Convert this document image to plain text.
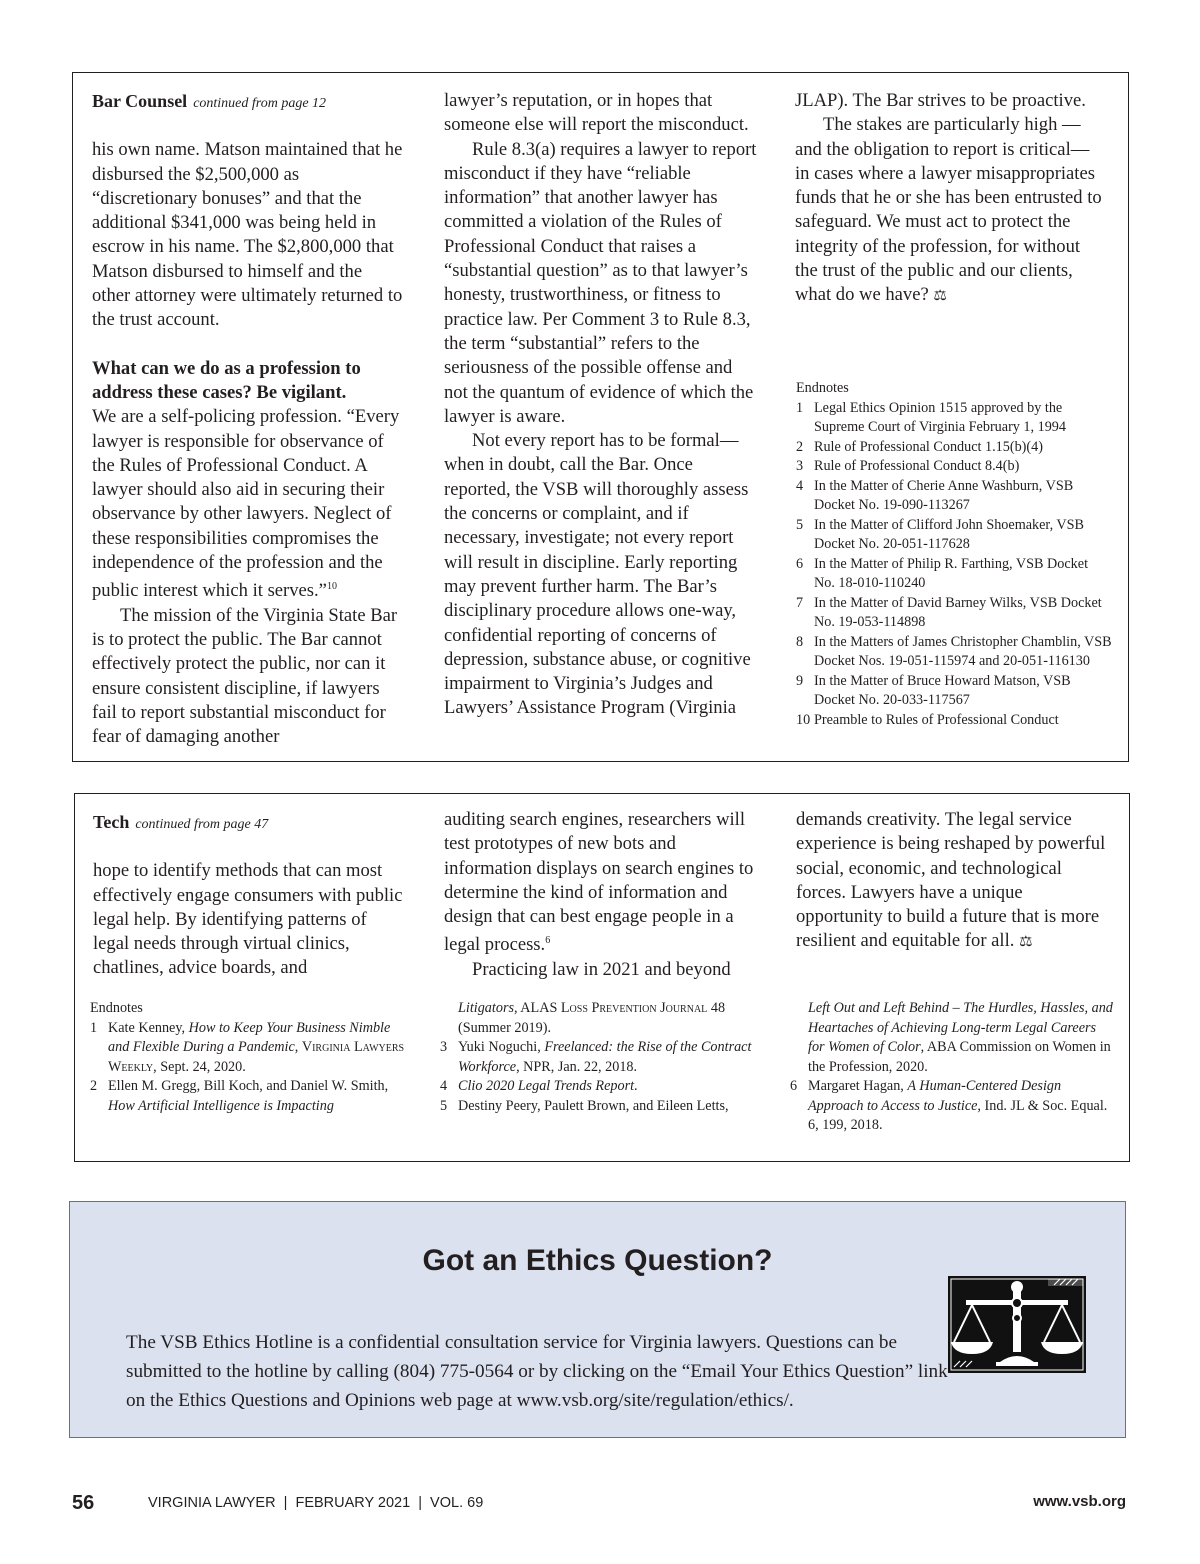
Bar Counsel continued from page 12

his own name. Matson maintained that he disbursed the $2,500,000 as “discretionary bonuses” and that the additional $341,000 was being held in escrow in his name. The $2,800,000 that Matson disbursed to himself and the other attorney were ultimately returned to the trust account.

What can we do as a profession to address these cases? Be vigilant.

We are a self-policing profession. “Every lawyer is responsible for observance of the Rules of Professional Conduct. A lawyer should also aid in securing their observance by other lawyers. Neglect of these responsibilities compromises the independence of the profession and the public interest which it serves.”$^{10}$

The mission of the Virginia State Bar is to protect the public. The Bar cannot effectively protect the public, nor can it ensure consistent discipline, if lawyers fail to report substantial misconduct for fear of damaging another

lawyer’s reputation, or in hopes that someone else will report the misconduct.

Rule 8.3(a) requires a lawyer to report misconduct if they have “reliable information” that another lawyer has committed a violation of the Rules of Professional Conduct that raises a “substantial question” as to that lawyer’s honesty, trustworthiness, or fitness to practice law. Per Comment 3 to Rule 8.3, the term “substantial” refers to the seriousness of the possible offense and not the quantum of evidence of which the lawyer is aware.

Not every report has to be formal— when in doubt, call the Bar. Once reported, the VSB will thoroughly assess the concerns or complaint, and if necessary, investigate; not every report will result in discipline. Early reporting may prevent further harm. The Bar’s disciplinary procedure allows one-way, confidential reporting of concerns of depression, substance abuse, or cognitive impairment to Virginia’s Judges and Lawyers’ Assistance Program (Virginia

JLAP). The Bar strives to be proactive.

The stakes are particularly high — and the obligation to report is critical— in cases where a lawyer misappropriates funds that he or she has been entrusted to safeguard. We must act to protect the integrity of the profession, for without the trust of the public and our clients, what do we have? ⚖

Endnotes
1 Legal Ethics Opinion 1515 approved by the Supreme Court of Virginia February 1, 1994
2 Rule of Professional Conduct 1.15(b)(4)
3 Rule of Professional Conduct 8.4(b)
4 In the Matter of Cherie Anne Washburn, VSB Docket No. 19-090-113267
5 In the Matter of Clifford John Shoemaker, VSB Docket No. 20-051-117628
6 In the Matter of Philip R. Farthing, VSB Docket No. 18-010-110240
7 In the Matter of David Barney Wilks, VSB Docket No. 19-053-114898
8 In the Matters of James Christopher Chamblin, VSB Docket Nos. 19-051-115974 and 20-051-116130
9 In the Matter of Bruce Howard Matson, VSB Docket No. 20-033-117567
10 Preamble to Rules of Professional Conduct

Tech continued from page 47

hope to identify methods that can most effectively engage consumers with public legal help. By identifying patterns of legal needs through virtual clinics, chatlines, advice boards, and

auditing search engines, researchers will test prototypes of new bots and information displays on search engines to determine the kind of information and design that can best engage people in a legal process.$^6$

Practicing law in 2021 and beyond

demands creativity. The legal service experience is being reshaped by powerful social, economic, and technological forces. Lawyers have a unique opportunity to build a future that is more resilient and equitable for all. ⚖

Endnotes
1 Kate Kenney, How to Keep Your Business Nimble and Flexible During a Pandemic, Virginia Lawyers Weekly, Sept. 24, 2020.
2 Ellen M. Gregg, Bill Koch, and Daniel W. Smith, How Artificial Intelligence is Impacting
Litigators, ALAS Loss Prevention Journal 48 (Summer 2019).
3 Yuki Noguchi, Freelanced: the Rise of the Contract Workforce, NPR, Jan. 22, 2018.
4 Clio 2020 Legal Trends Report.
5 Destiny Peery, Paulett Brown, and Eileen Letts,
Left Out and Left Behind – The Hurdles, Hassles, and Heartaches of Achieving Long-term Legal Careers for Women of Color, ABA Commission on Women in the Profession, 2020.
6 Margaret Hagan, A Human-Centered Design Approach to Access to Justice, Ind. JL & Soc. Equal. 6, 199, 2018.
Got an Ethics Question?

The VSB Ethics Hotline is a confidential consultation service for Virginia lawyers. Questions can be submitted to the hotline by calling (804) 775-0564 or by clicking on the “Email Your Ethics Question” link on the Ethics Questions and Opinions web page at www.vsb.org/site/regulation/ethics/.

56	VIRGINIA LAWYER  |  FEBRUARY 2021  |  VOL. 69	www.vsb.org
